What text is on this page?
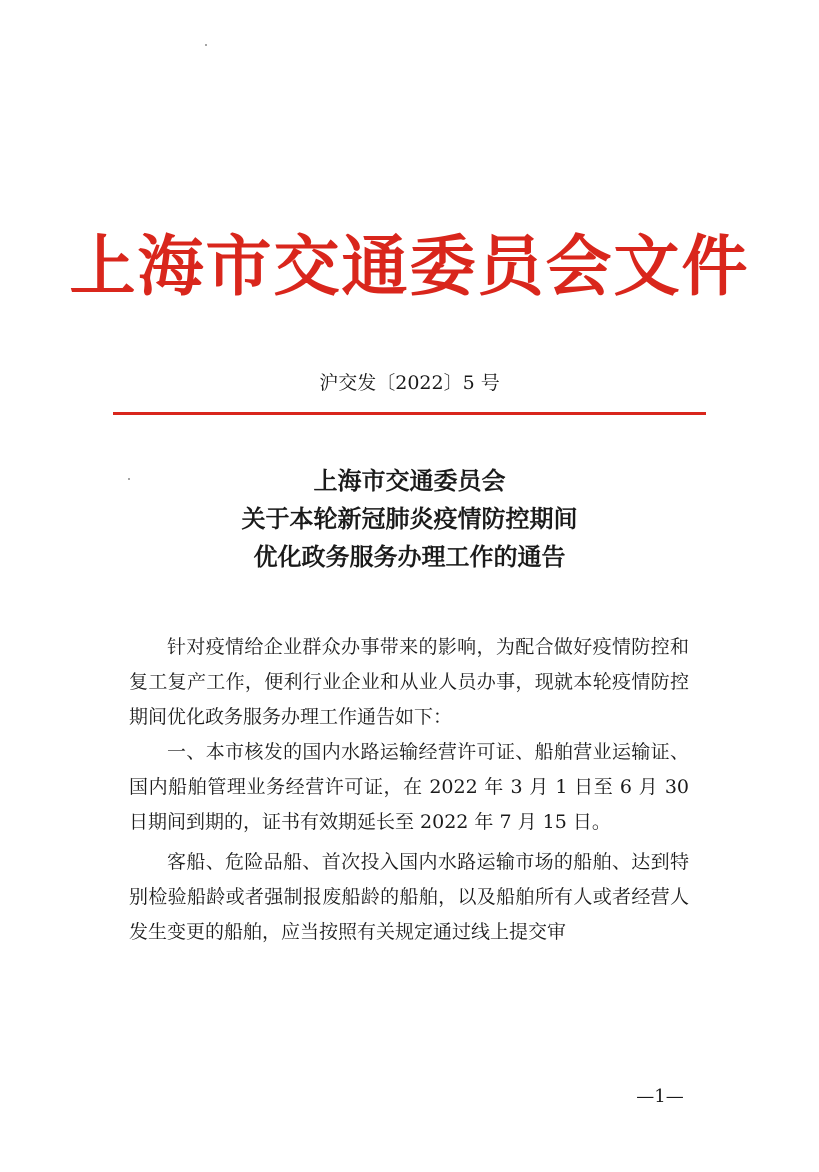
上海市交通委员会文件
沪交发〔2022〕5 号
上海市交通委员会
关于本轮新冠肺炎疫情防控期间
优化政务服务办理工作的通告

针对疫情给企业群众办事带来的影响，为配合做好疫情防控和复工复产工作，便利行业企业和从业人员办事，现就本轮疫情防控期间优化政务服务办理工作通告如下：

一、本市核发的国内水路运输经营许可证、船舶营业运输证、国内船舶管理业务经营许可证，在 2022 年 3 月 1 日至 6 月 30 日期间到期的，证书有效期延长至 2022 年 7 月 15 日。

客船、危险品船、首次投入国内水路运输市场的船舶、达到特别检验船龄或者强制报废船龄的船舶，以及船舶所有人或者经营人发生变更的船舶，应当按照有关规定通过线上提交审

—1—
